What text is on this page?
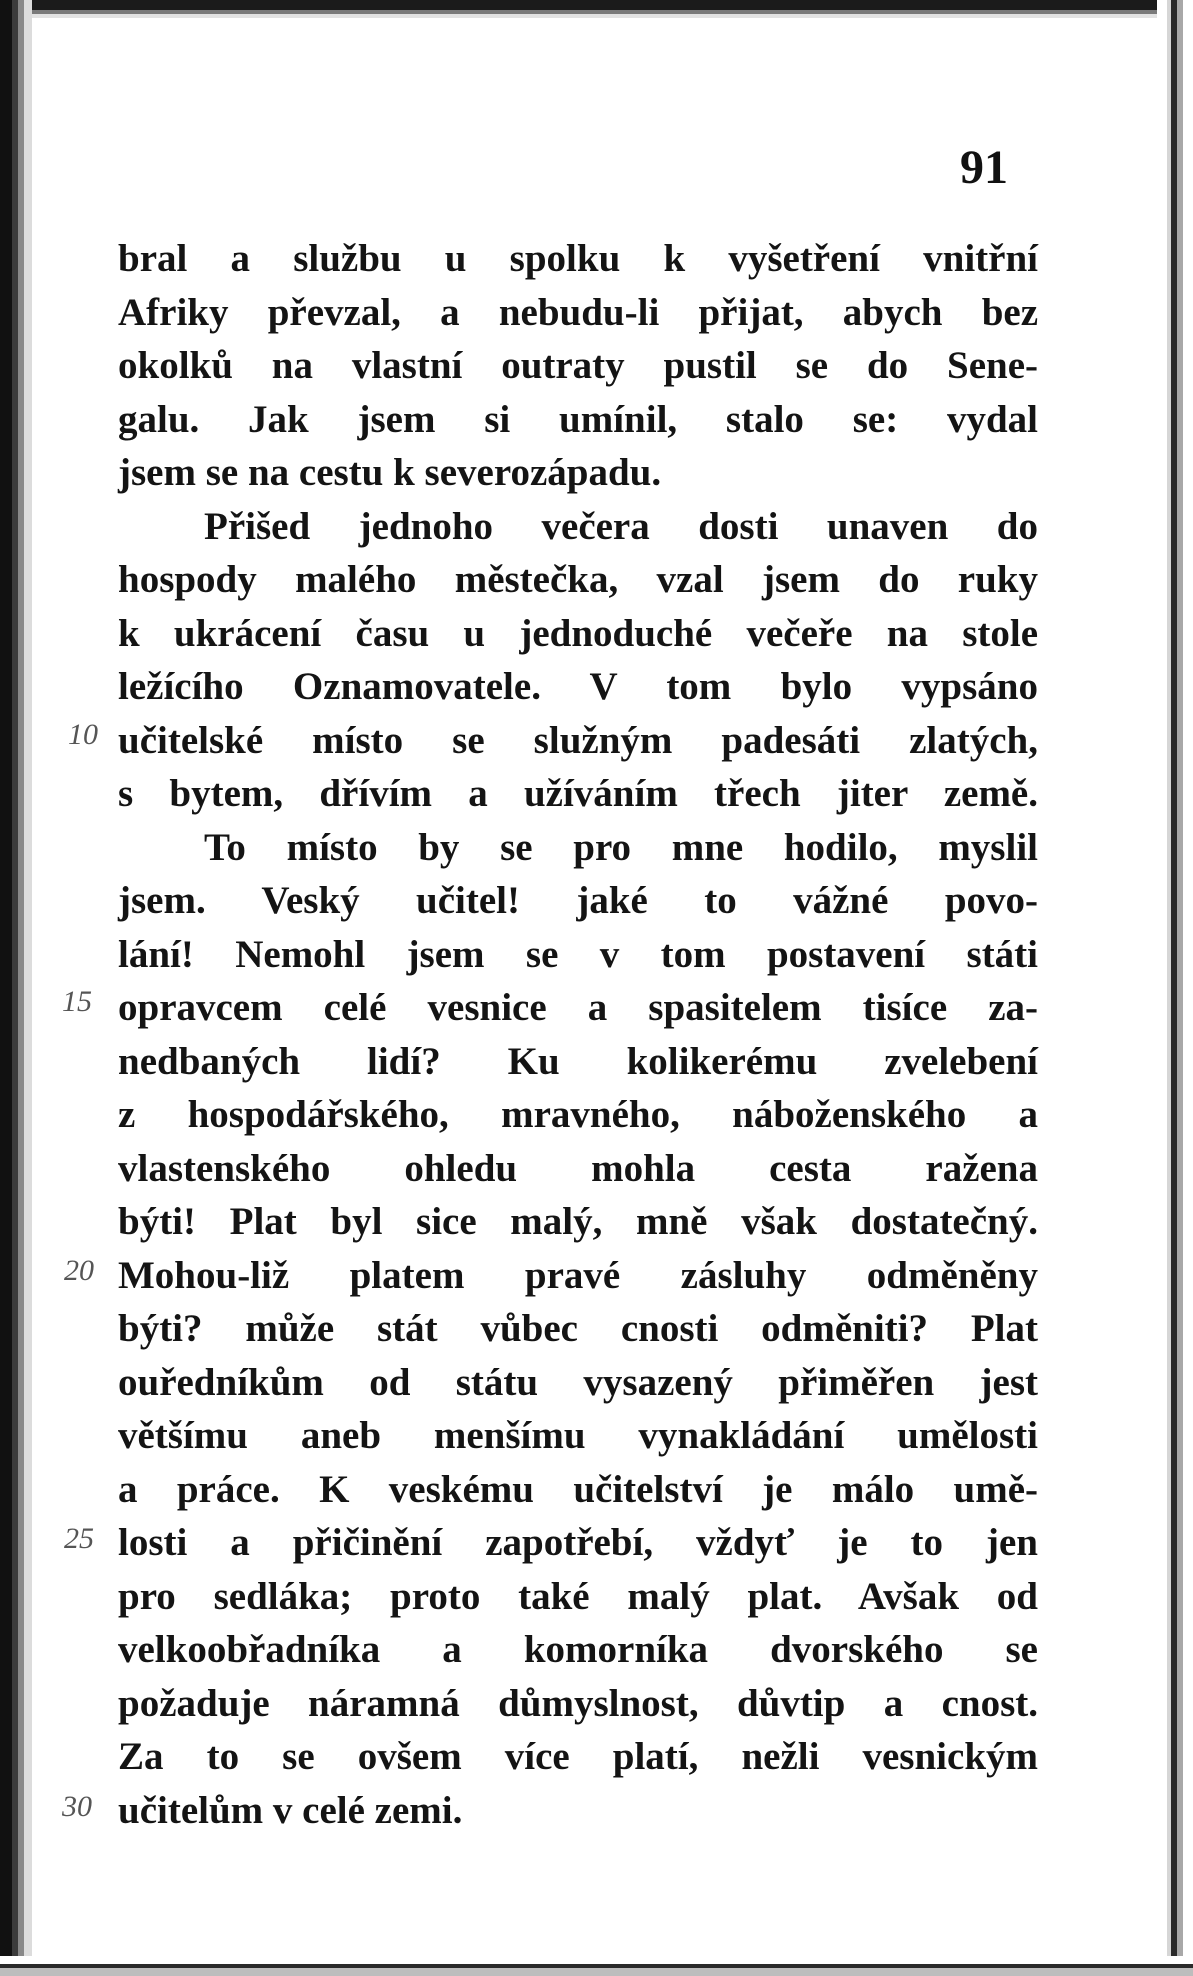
91
10
15
20
25
30
bral a službu u spolku k vyšetření vnitřní
Afriky převzal, a nebudu-li přijat, abych bez
okolků na vlastní outraty pustil se do Sene-
galu. Jak jsem si umínil, stalo se: vydal
jsem se na cestu k severozápadu.
Přišed jednoho večera dosti unaven do
hospody malého městečka, vzal jsem do ruky
k ukrácení času u jednoduché večeře na stole
ležícího Oznamovatele. V tom bylo vypsáno
učitelské místo se služným padesáti zlatých,
s bytem, dřívím a užíváním třech jiter země.
To místo by se pro mne hodilo, myslil
jsem. Veský učitel! jaké to vážné povo-
lání! Nemohl jsem se v tom postavení státi
opravcem celé vesnice a spasitelem tisíce za-
nedbaných lidí? Ku kolikerému zvelebení
z hospodářského, mravného, náboženského a
vlastenského ohledu mohla cesta ražena
býti! Plat byl sice malý, mně však dostatečný.
Mohou-liž platem pravé zásluhy odměněny
býti? může stát vůbec cnosti odměniti? Plat
ouředníkům od státu vysazený přiměřen jest
většímu aneb menšímu vynakládání umělosti
a práce. K veskému učitelství je málo umě-
losti a přičinění zapotřebí, vždyť je to jen
pro sedláka; proto také malý plat. Avšak od
velkoobřadníka a komorníka dvorského se
požaduje náramná důmyslnost, důvtip a cnost.
Za to se ovšem více platí, nežli vesnickým
učitelům v celé zemi.
